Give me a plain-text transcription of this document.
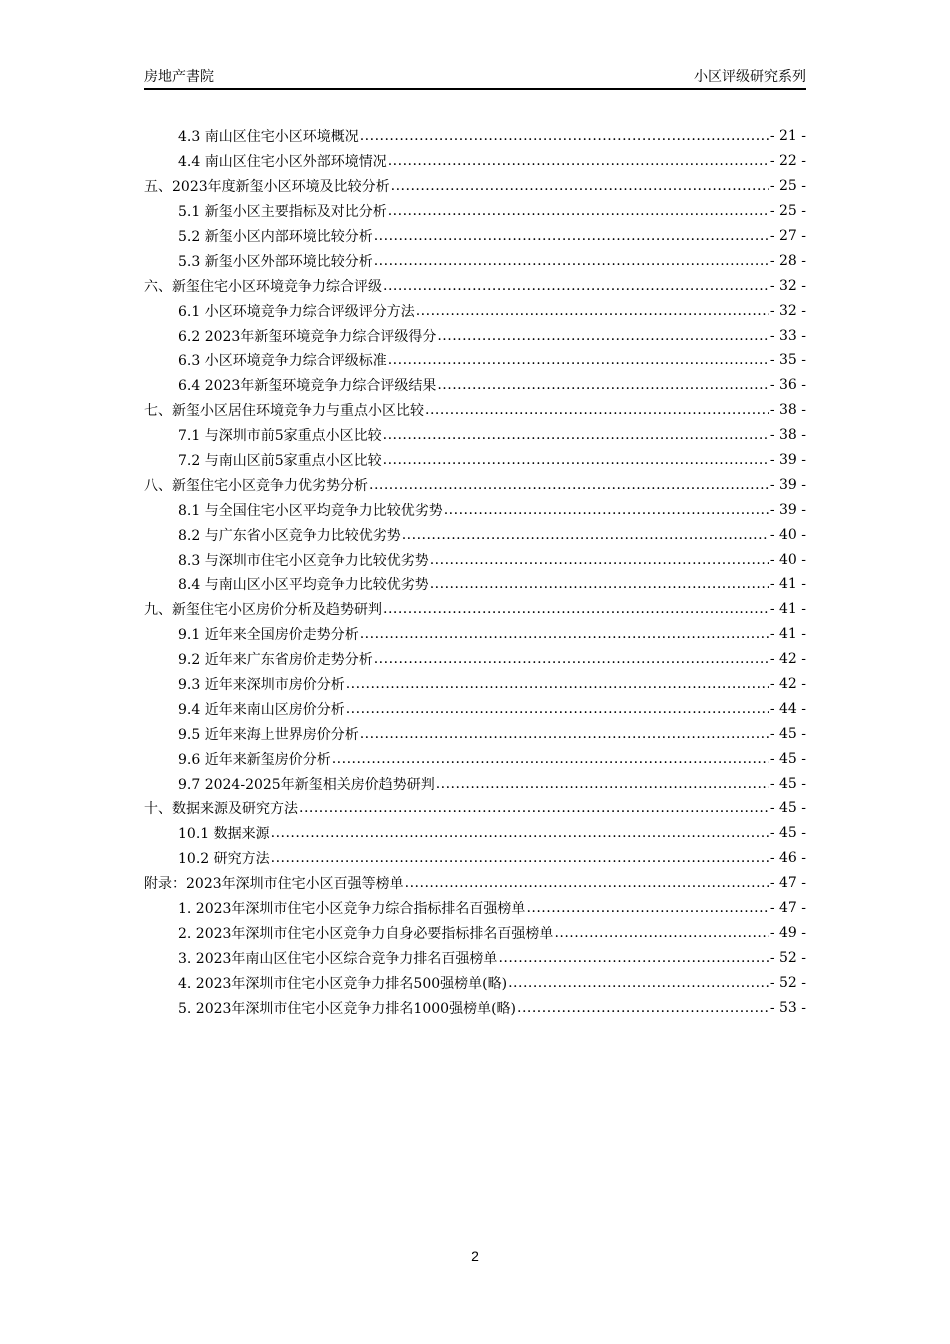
房地产書院	小区评级研究系列
4.3 南山区住宅小区环境概况 .....	- 21 -
4.4 南山区住宅小区外部环境情况 .....	- 22 -
五、2023年度新玺小区环境及比较分析 .....	- 25 -
5.1 新玺小区主要指标及对比分析 .....	- 25 -
5.2 新玺小区内部环境比较分析 .....	- 27 -
5.3 新玺小区外部环境比较分析 .....	- 28 -
六、新玺住宅小区环境竞争力综合评级 .....	- 32 -
6.1 小区环境竞争力综合评级评分方法 .....	- 32 -
6.2 2023年新玺环境竞争力综合评级得分 .....	- 33 -
6.3 小区环境竞争力综合评级标准 .....	- 35 -
6.4 2023年新玺环境竞争力综合评级结果 .....	- 36 -
七、新玺小区居住环境竞争力与重点小区比较 .....	- 38 -
7.1 与深圳市前5家重点小区比较 .....	- 38 -
7.2 与南山区前5家重点小区比较 .....	- 39 -
八、新玺住宅小区竞争力优劣势分析 .....	- 39 -
8.1 与全国住宅小区平均竞争力比较优劣势 .....	- 39 -
8.2 与广东省小区竞争力比较优劣势 .....	- 40 -
8.3 与深圳市住宅小区竞争力比较优劣势 .....	- 40 -
8.4 与南山区小区平均竞争力比较优劣势 .....	- 41 -
九、新玺住宅小区房价分析及趋势研判 .....	- 41 -
9.1 近年来全国房价走势分析 .....	- 41 -
9.2 近年来广东省房价走势分析 .....	- 42 -
9.3 近年来深圳市房价分析 .....	- 42 -
9.4 近年来南山区房价分析 .....	- 44 -
9.5 近年来海上世界房价分析 .....	- 45 -
9.6 近年来新玺房价分析 .....	- 45 -
9.7 2024-2025年新玺相关房价趋势研判 .....	- 45 -
十、数据来源及研究方法 .....	- 45 -
10.1 数据来源 .....	- 45 -
10.2 研究方法 .....	- 46 -
附录：2023年深圳市住宅小区百强等榜单 .....	- 47 -
1. 2023年深圳市住宅小区竞争力综合指标排名百强榜单 .....	- 47 -
2. 2023年深圳市住宅小区竞争力自身必要指标排名百强榜单 .....	- 49 -
3. 2023年南山区住宅小区综合竞争力排名百强榜单 .....	- 52 -
4. 2023年深圳市住宅小区竞争力排名500强榜单(略) .....	- 52 -
5. 2023年深圳市住宅小区竞争力排名1000强榜单(略) .....	- 53 -
2
